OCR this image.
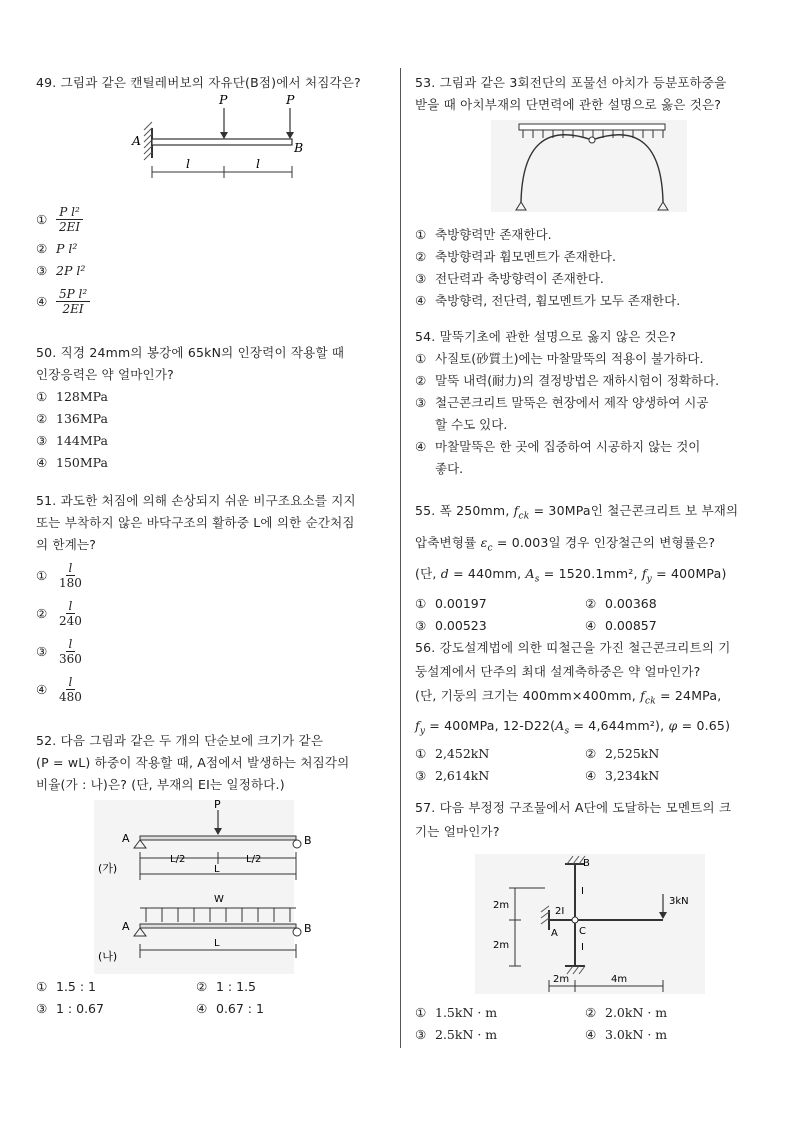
49. 그림과 같은 캔틸레버보의 자유단(B점)에서 처짐각은?

P	P
A	B
l	l
① $\frac{\text{P l²}}{2EI}$
② P l²
③ 2P l²
④ $\frac{\text{5P l²}}{2EI}$

50. 직경 24mm의 봉강에 65kN의 인장력이 작용할 때

인장응력은 약 얼마인가?

① 128MPa
② 136MPa
③ 144MPa
④ 150MPa

51. 과도한 처짐에 의해 손상되지 쉬운 비구조요소를 지지

또는 부착하지 않은 바닥구조의 활하중 L에 의한 순간처짐

의 한계는?

① $\frac{l}{180}$
② $\frac{l}{240}$
③ $\frac{l}{360}$
④ $\frac{l}{480}$

52. 다음 그림과 같은 두 개의 단순보에 크기가 같은

(P = wL) 하중이 작용할 때, A점에서 발생하는 처짐각의

비율(가 : 나)은? (단, 부재의 EI는 일정하다.)

P
A	B
L/2	L/2
L
(가)
W
A	B
L
(나)
① 1.5 : 1	② 1 : 1.5
③ 1 : 0.67	④ 0.67 : 1

53. 그림과 같은 3회전단의 포물선 아치가 등분포하중을

받을 때 아치부재의 단면력에 관한 설명으로 옳은 것은?

① 축방향력만 존재한다.
② 축방향력과 휨모멘트가 존재한다.
③ 전단력과 축방향력이 존재한다.
④ 축방향력, 전단력, 휨모멘트가 모두 존재한다.

54. 말뚝기초에 관한 설명으로 옳지 않은 것은?

① 사질토(砂質土)에는 마찰말뚝의 적용이 불가하다.
② 말뚝 내력(耐力)의 결정방법은 재하시험이 정확하다.
③ 철근콘크리트 말뚝은 현장에서 제작 양생하여 시공
할 수도 있다.
④ 마찰말뚝은 한 곳에 집중하여 시공하지 않는 것이
좋다.

55. 폭 250mm, $f_{ck} = 30MPa$인 철근콘크리트 보 부재의

압축변형률 $\varepsilon_c = 0.003$일 경우 인장철근의 변형률은?

(단, d = 440mm, $A_s = 1520.1mm^2$, $f_y = 400MPa$)

① 0.00197	② 0.00368
③ 0.00523	④ 0.00857

56. 강도설계법에 의한 띠철근을 가진 철근콘크리트의 기

둥설계에서 단주의 최대 설계축하중은 약 얼마인가?

(단, 기둥의 크기는 400mm×400mm, $f_{ck} = 24MPa$,

$f_y = 400MPa$, $12-D22(A_s = 4,644mm^2)$, φ = 0.65)

① 2,452kN	② 2,525kN
③ 2,614kN	④ 3,234kN

57. 다음 부정정 구조물에서 A단에 도달하는 모멘트의 크

기는 얼마인가?

2m
2m
B
A C
I
2I
I
3kN
2m	4m
① 1.5kN · m	② 2.0kN · m
③ 2.5kN · m	④ 3.0kN · m
